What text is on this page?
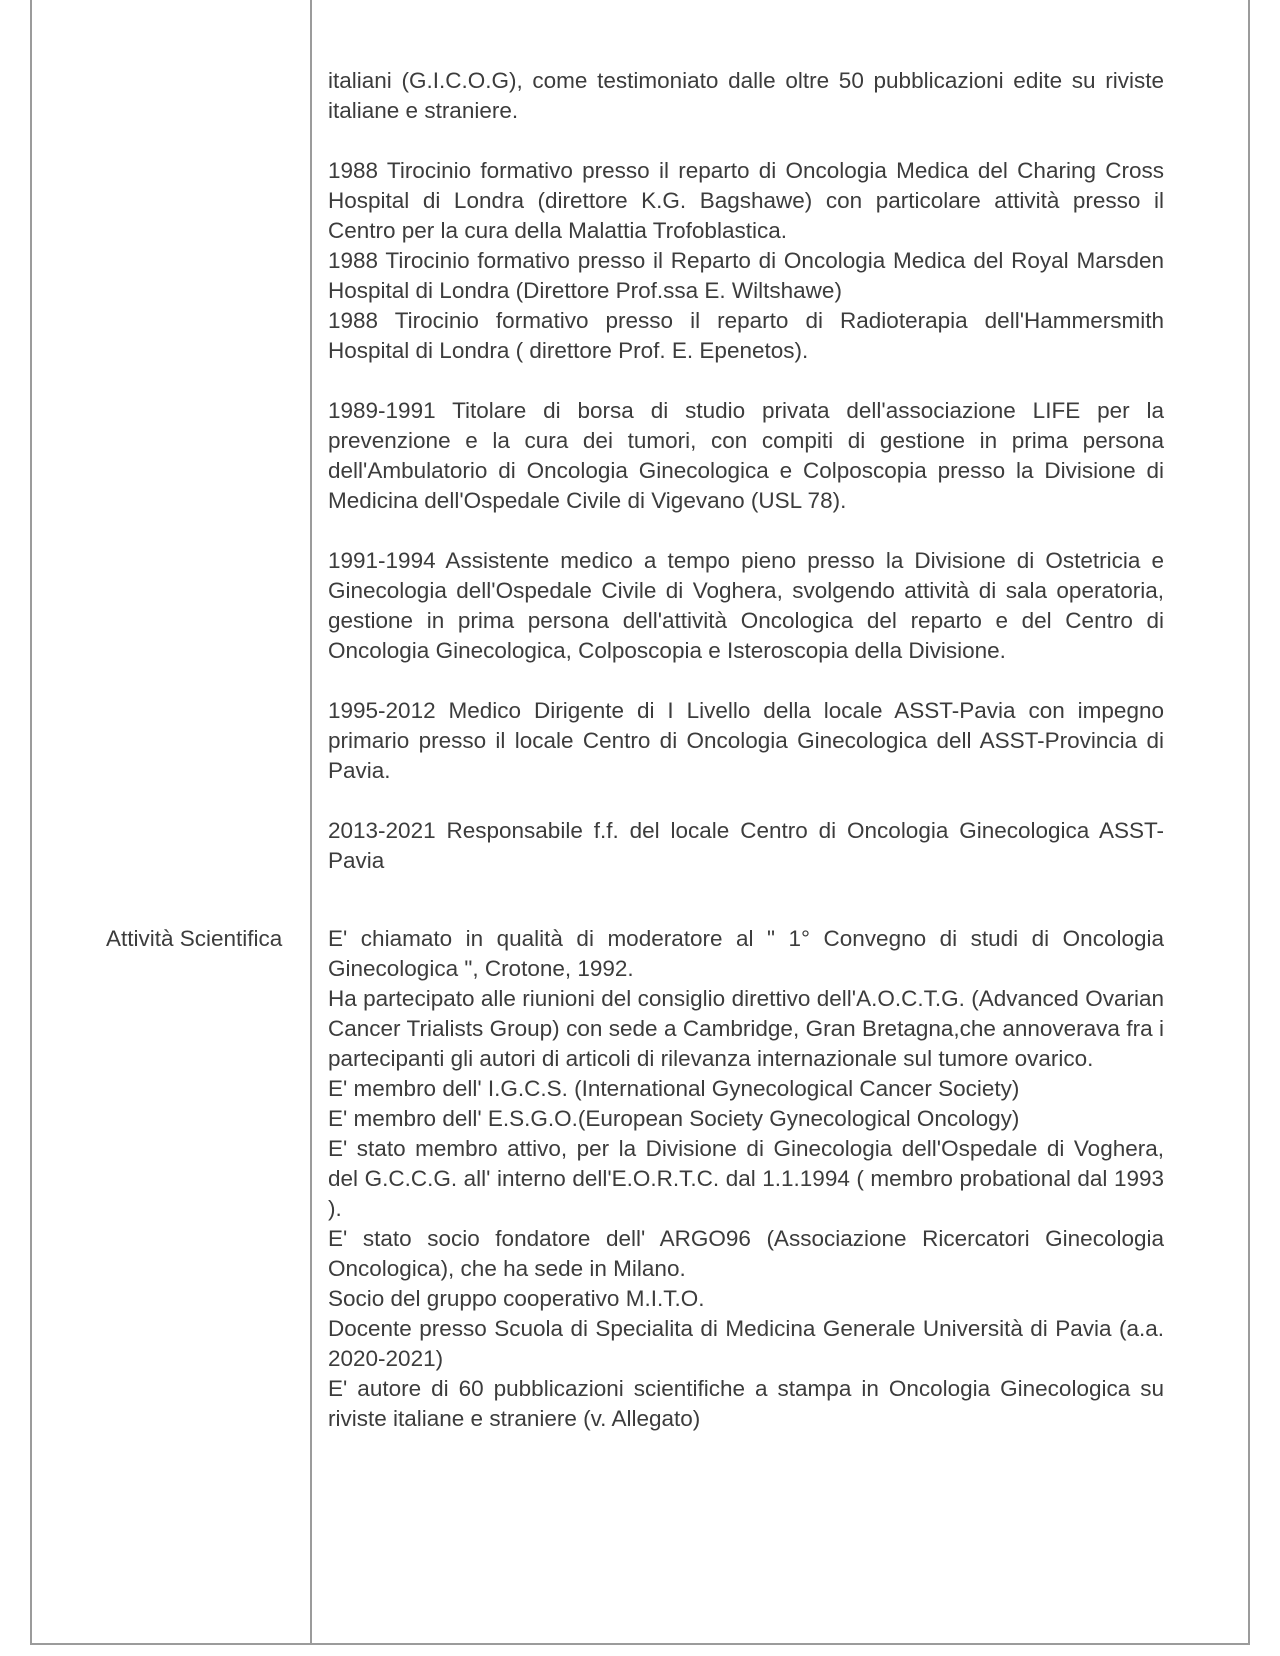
italiani (G.I.C.O.G), come testimoniato dalle oltre 50 pubblicazioni edite su riviste italiane e straniere.

1988 Tirocinio formativo presso il reparto di Oncologia Medica del Charing Cross Hospital di Londra (direttore K.G. Bagshawe) con particolare attività presso il Centro per la cura della Malattia Trofoblastica.

1988 Tirocinio formativo presso il Reparto di Oncologia Medica del Royal Marsden Hospital di Londra (Direttore Prof.ssa E. Wiltshawe)

1988 Tirocinio formativo presso il reparto di Radioterapia dell'Hammersmith Hospital di Londra ( direttore Prof. E. Epenetos).

1989-1991 Titolare di borsa di studio privata dell'associazione LIFE per la prevenzione e la cura dei tumori, con compiti di gestione in prima persona dell'Ambulatorio di Oncologia Ginecologica e Colposcopia presso la Divisione di Medicina dell'Ospedale Civile di Vigevano (USL 78).

1991-1994 Assistente medico a tempo pieno presso la Divisione di Ostetricia e Ginecologia dell'Ospedale Civile di Voghera, svolgendo attività di sala operatoria, gestione in prima persona dell'attività Oncologica del reparto e del Centro di Oncologia Ginecologica, Colposcopia e Isteroscopia della Divisione.

1995-2012 Medico Dirigente di I Livello della locale ASST-Pavia con impegno primario presso il locale Centro di Oncologia Ginecologica dell ASST-Provincia di Pavia.

2013-2021 Responsabile f.f. del locale Centro di Oncologia Ginecologica ASST-Pavia

Attività Scientifica	E' chiamato in qualità di moderatore al " 1° Convegno di studi di Oncologia Ginecologica ", Crotone, 1992.

Ha partecipato alle riunioni del consiglio direttivo dell'A.O.C.T.G. (Advanced Ovarian Cancer Trialists Group) con sede a Cambridge, Gran Bretagna,che annoverava fra i partecipanti gli autori di articoli di rilevanza internazionale sul tumore ovarico.

E' membro dell' I.G.C.S. (International Gynecological Cancer Society)

E' membro dell' E.S.G.O.(European Society Gynecological Oncology)

E' stato membro attivo, per la Divisione di Ginecologia dell'Ospedale di Voghera, del G.C.C.G. all' interno dell'E.O.R.T.C. dal 1.1.1994 ( membro probational dal 1993 ).

E' stato socio fondatore dell' ARGO96 (Associazione Ricercatori Ginecologia Oncologica), che ha sede in Milano.

Socio del gruppo cooperativo M.I.T.O.

Docente presso Scuola di Specialita di Medicina Generale Università di Pavia (a.a. 2020-2021)

E' autore di 60 pubblicazioni scientifiche a stampa in Oncologia Ginecologica su riviste italiane e straniere (v. Allegato)
